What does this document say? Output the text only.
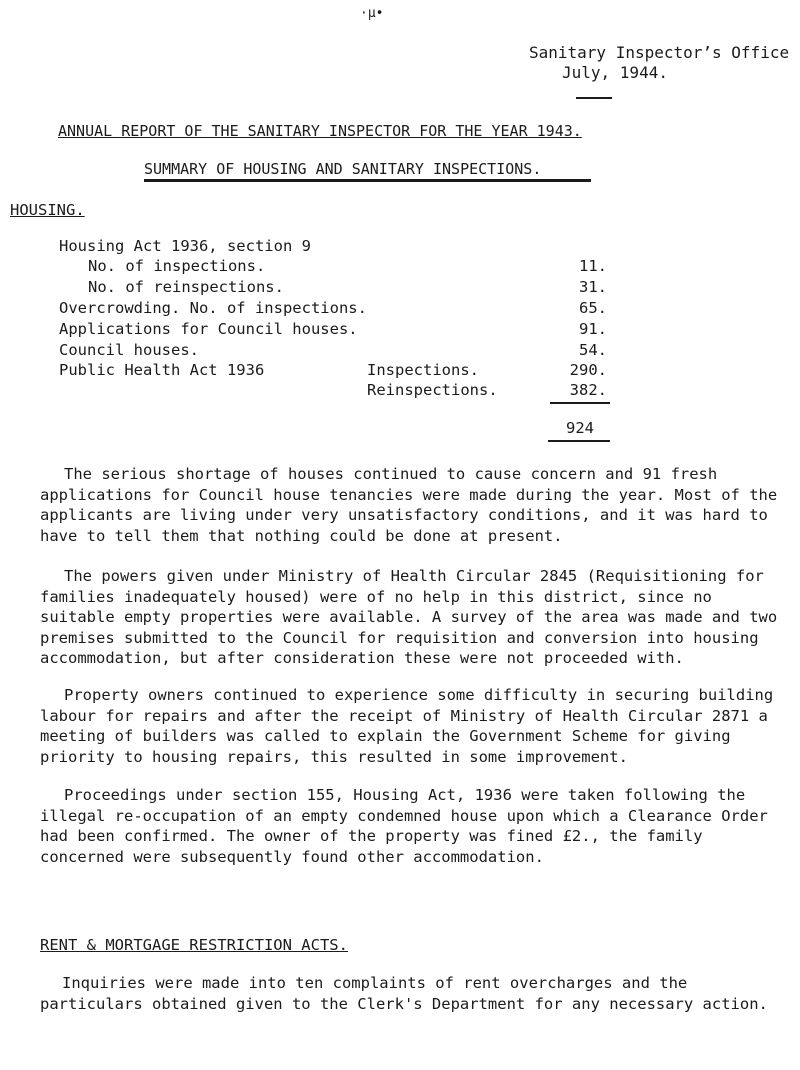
·µ•
Sanitary Inspector’s Office
July, 1944.
ANNUAL REPORT OF THE SANITARY INSPECTOR FOR THE YEAR 1943.
SUMMARY OF HOUSING AND SANITARY INSPECTIONS.
HOUSING.
Housing Act 1936, section 9
No. of inspections.	11.
No. of reinspections.	31.
Overcrowding. No. of inspections.	65.
Applications for Council houses.	91.
Council houses.	54.
Public Health Act 1936	Inspections.	290.
Reinspections.	382.
924
The serious shortage of houses continued to cause concern and 91 fresh applications for Council house tenancies were made during the year. Most of the applicants are living under very unsatisfactory conditions, and it was hard to have to tell them that nothing could be done at present.
The powers given under Ministry of Health Circular 2845 (Requisitioning for families inadequately housed) were of no help in this district, since no suitable empty properties were available. A survey of the area was made and two premises submitted to the Council for requisition and conversion into housing accommodation, but after consideration these were not proceeded with.
Property owners continued to experience some difficulty in securing building labour for repairs and after the receipt of Ministry of Health Circular 2871 a meeting of builders was called to explain the Government Scheme for giving priority to housing repairs, this resulted in some improvement.
Proceedings under section 155, Housing Act, 1936 were taken following the illegal re-occupation of an empty condemned house upon which a Clearance Order had been confirmed. The owner of the property was fined £2., the family concerned were subsequently found other accommodation.
RENT & MORTGAGE RESTRICTION ACTS.
Inquiries were made into ten complaints of rent overcharges and the particulars obtained given to the Clerk's Department for any necessary action.
